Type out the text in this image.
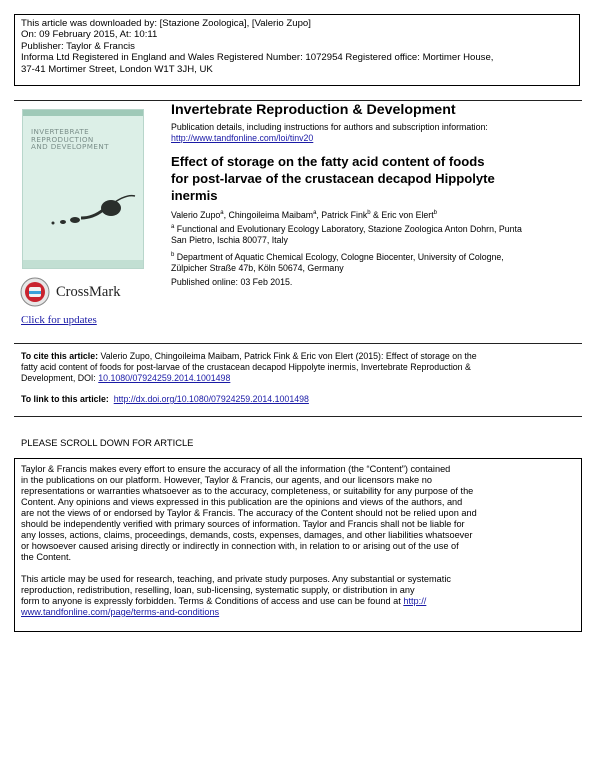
This article was downloaded by: [Stazione Zoologica], [Valerio Zupo]
On: 09 February 2015, At: 10:11
Publisher: Taylor & Francis
Informa Ltd Registered in England and Wales Registered Number: 1072954 Registered office: Mortimer House,
37-41 Mortimer Street, London W1T 3JH, UK
INVERTEBRATE
REPRODUCTION
AND DEVELOPMENT
CrossMark
Click for updates
Invertebrate Reproduction & Development
Publication details, including instructions for authors and subscription information:
http://www.tandfonline.com/loi/tinv20
Effect of storage on the fatty acid content of foods
for post-larvae of the crustacean decapod Hippolyte
inermis
Valerio Zupo$^a$, Chingoileima Maibam$^a$, Patrick Fink$^b$ & Eric von Elert$^b$
$^a$ Functional and Evolutionary Ecology Laboratory, Stazione Zoologica Anton Dohrn, Punta
San Pietro, Ischia 80077, Italy
$^b$ Department of Aquatic Chemical Ecology, Cologne Biocenter, University of Cologne,
Zülpicher Straße 47b, Köln 50674, Germany
Published online: 03 Feb 2015.
To cite this article: Valerio Zupo, Chingoileima Maibam, Patrick Fink & Eric von Elert (2015): Effect of storage on the
fatty acid content of foods for post-larvae of the crustacean decapod Hippolyte inermis, Invertebrate Reproduction &
Development, DOI: 10.1080/07924259.2014.1001498
To link to this article: http://dx.doi.org/10.1080/07924259.2014.1001498
PLEASE SCROLL DOWN FOR ARTICLE
Taylor & Francis makes every effort to ensure the accuracy of all the information (the “Content”) contained
in the publications on our platform. However, Taylor & Francis, our agents, and our licensors make no
representations or warranties whatsoever as to the accuracy, completeness, or suitability for any purpose of the
Content. Any opinions and views expressed in this publication are the opinions and views of the authors, and
are not the views of or endorsed by Taylor & Francis. The accuracy of the Content should not be relied upon and
should be independently verified with primary sources of information. Taylor and Francis shall not be liable for
any losses, actions, claims, proceedings, demands, costs, expenses, damages, and other liabilities whatsoever
or howsoever caused arising directly or indirectly in connection with, in relation to or arising out of the use of
the Content.
This article may be used for research, teaching, and private study purposes. Any substantial or systematic
reproduction, redistribution, reselling, loan, sub-licensing, systematic supply, or distribution in any
form to anyone is expressly forbidden. Terms & Conditions of access and use can be found at http://
www.tandfonline.com/page/terms-and-conditions
